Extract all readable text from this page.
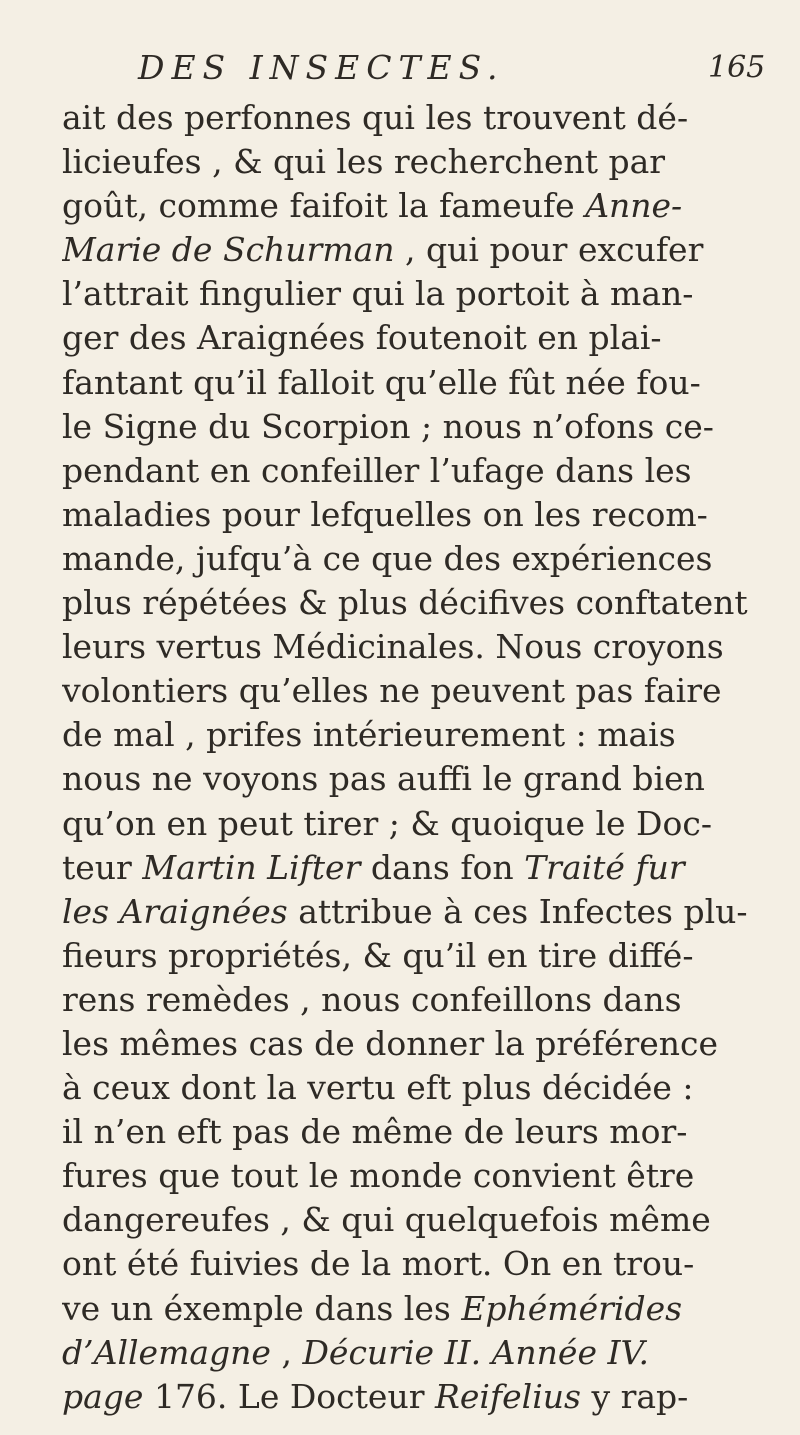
DES INSECTES.	165
ait des perfonnes qui les trouvent dé-
licieufes , & qui les recherchent par
goût, comme faifoit la fameufe Anne-
Marie de Schurman , qui pour excufer
l’attrait fingulier qui la portoit à man-
ger des Araignées foutenoit en plai-
fantant qu’il falloit qu’elle fût née fou-
le Signe du Scorpion ; nous n’ofons ce-
pendant en confeiller l’ufage dans les
maladies pour lefquelles on les recom-
mande, jufqu’à ce que des expériences
plus répétées & plus décifives conftatent
leurs vertus Médicinales. Nous croyons
volontiers qu’elles ne peuvent pas faire
de mal , prifes intérieurement : mais
nous ne voyons pas auffi le grand bien
qu’on en peut tirer ; & quoique le Doc-
teur Martin Lifter dans fon Traité fur
les Araignées attribue à ces Infectes plu-
fieurs propriétés, & qu’il en tire diffé-
rens remèdes , nous confeillons dans
les mêmes cas de donner la préférence
à ceux dont la vertu eft plus décidée :
il n’en eft pas de même de leurs mor-
fures que tout le monde convient être
dangereufes , & qui quelquefois même
ont été fuivies de la mort. On en trou-
ve un éxemple dans les Ephémérides
d’Allemagne , Décurie II. Année IV.
page 176. Le Docteur Reifelius y rap-
